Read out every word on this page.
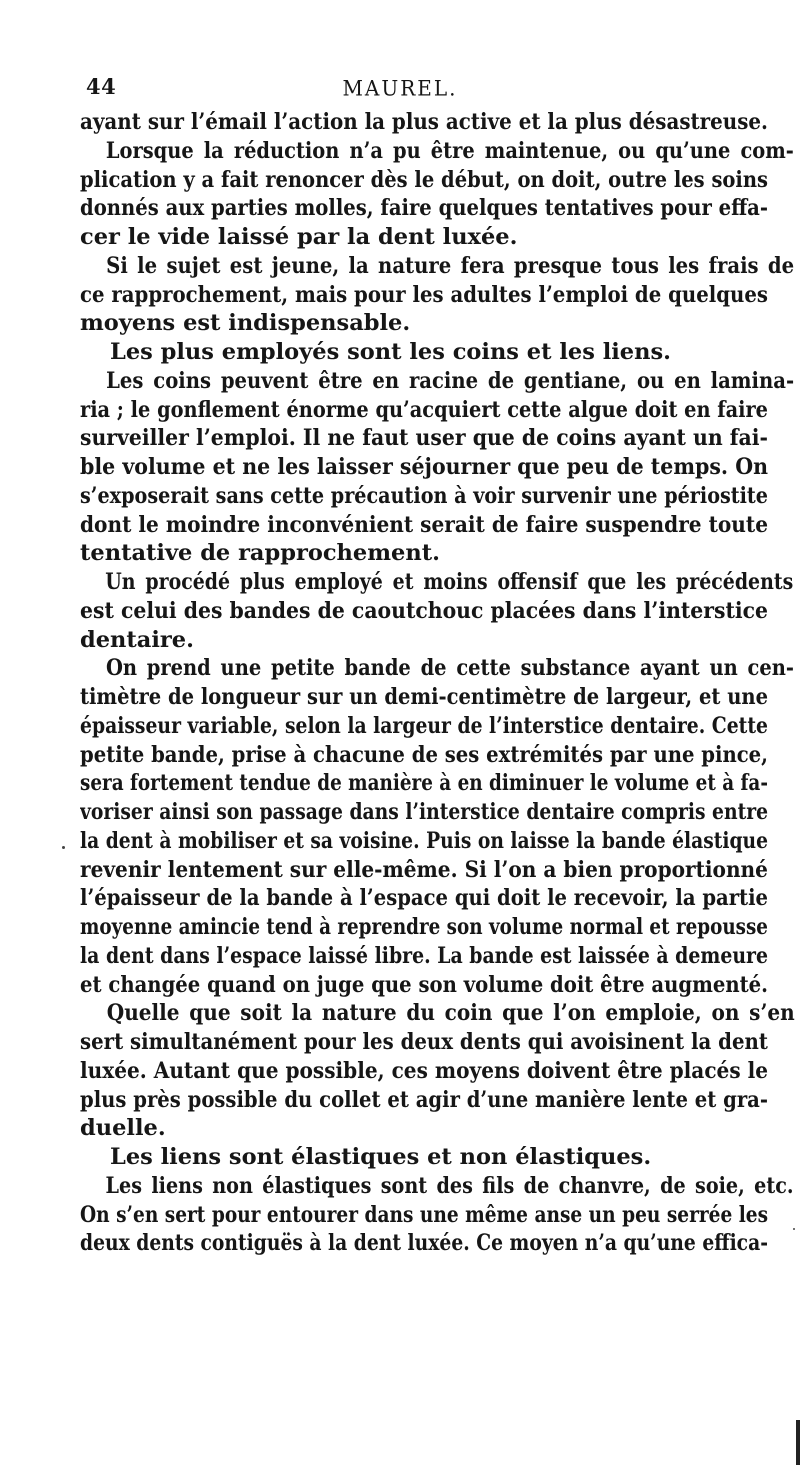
44	MAUREL.
ayant sur l’émail l’action la plus active et la plus désastreuse.
Lorsque la réduction n’a pu être maintenue, ou qu’une com-
plication y a fait renoncer dès le début, on doit, outre les soins
donnés aux parties molles, faire quelques tentatives pour effa-
cer le vide laissé par la dent luxée.
Si le sujet est jeune, la nature fera presque tous les frais de
ce rapprochement, mais pour les adultes l’emploi de quelques
moyens est indispensable.
Les plus employés sont les coins et les liens.
Les coins peuvent être en racine de gentiane, ou en lamina-
ria ; le gonflement énorme qu’acquiert cette algue doit en faire
surveiller l’emploi. Il ne faut user que de coins ayant un fai-
ble volume et ne les laisser séjourner que peu de temps. On
s’exposerait sans cette précaution à voir survenir une périostite
dont le moindre inconvénient serait de faire suspendre toute
tentative de rapprochement.
Un procédé plus employé et moins offensif que les précédents
est celui des bandes de caoutchouc placées dans l’interstice
dentaire.
On prend une petite bande de cette substance ayant un cen-
timètre de longueur sur un demi-centimètre de largeur, et une
épaisseur variable, selon la largeur de l’interstice dentaire. Cette
petite bande, prise à chacune de ses extrémités par une pince,
sera fortement tendue de manière à en diminuer le volume et à fa-
voriser ainsi son passage dans l’interstice dentaire compris entre
la dent à mobiliser et sa voisine. Puis on laisse la bande élastique
revenir lentement sur elle-même. Si l’on a bien proportionné
l’épaisseur de la bande à l’espace qui doit le recevoir, la partie
moyenne amincie tend à reprendre son volume normal et repousse
la dent dans l’espace laissé libre. La bande est laissée à demeure
et changée quand on juge que son volume doit être augmenté.
Quelle que soit la nature du coin que l’on emploie, on s’en
sert simultanément pour les deux dents qui avoisinent la dent
luxée. Autant que possible, ces moyens doivent être placés le
plus près possible du collet et agir d’une manière lente et gra-
duelle.
Les liens sont élastiques et non élastiques.
Les liens non élastiques sont des fils de chanvre, de soie, etc.
On s’en sert pour entourer dans une même anse un peu serrée les
deux dents contiguës à la dent luxée. Ce moyen n’a qu’une effica-
